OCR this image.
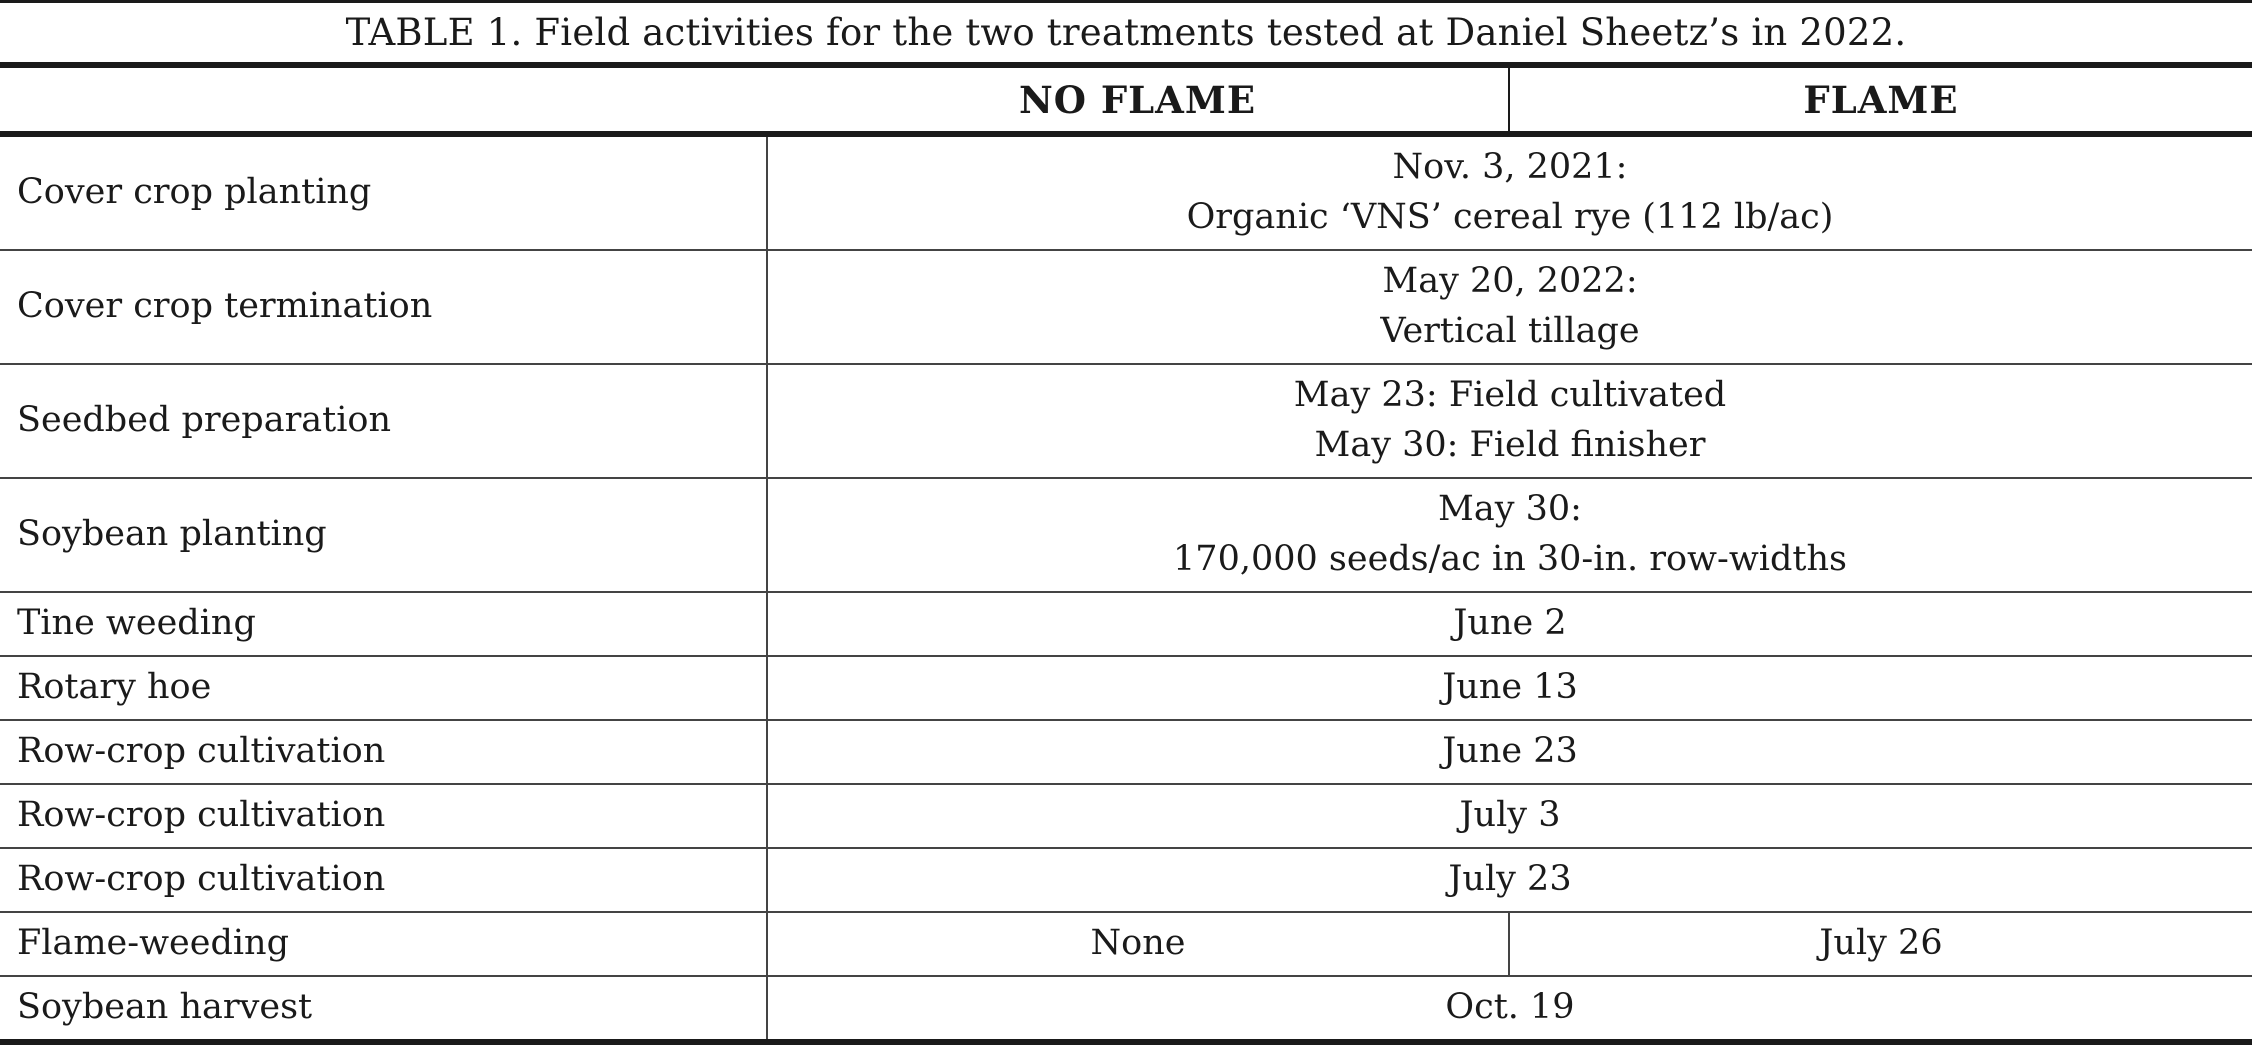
TABLE 1. Field activities for the two treatments tested at Daniel Sheetz’s in 2022.
	NO FLAME	FLAME
Cover crop planting	Nov. 3, 2021:
Organic ‘VNS’ cereal rye (112 lb/ac)	

Cover crop termination	May 20, 2022:
Vertical tillage	

Seedbed preparation	May 23: Field cultivated
May 30: Field finisher	

Soybean planting	May 30:
170,000 seeds/ac in 30-in. row-widths	

Tine weeding	June 2	
Rotary hoe	June 13	
Row-crop cultivation	June 23	
Row-crop cultivation	July 3	
Row-crop cultivation	July 23	
Flame-weeding	None	July 26
Soybean harvest	Oct. 19	
